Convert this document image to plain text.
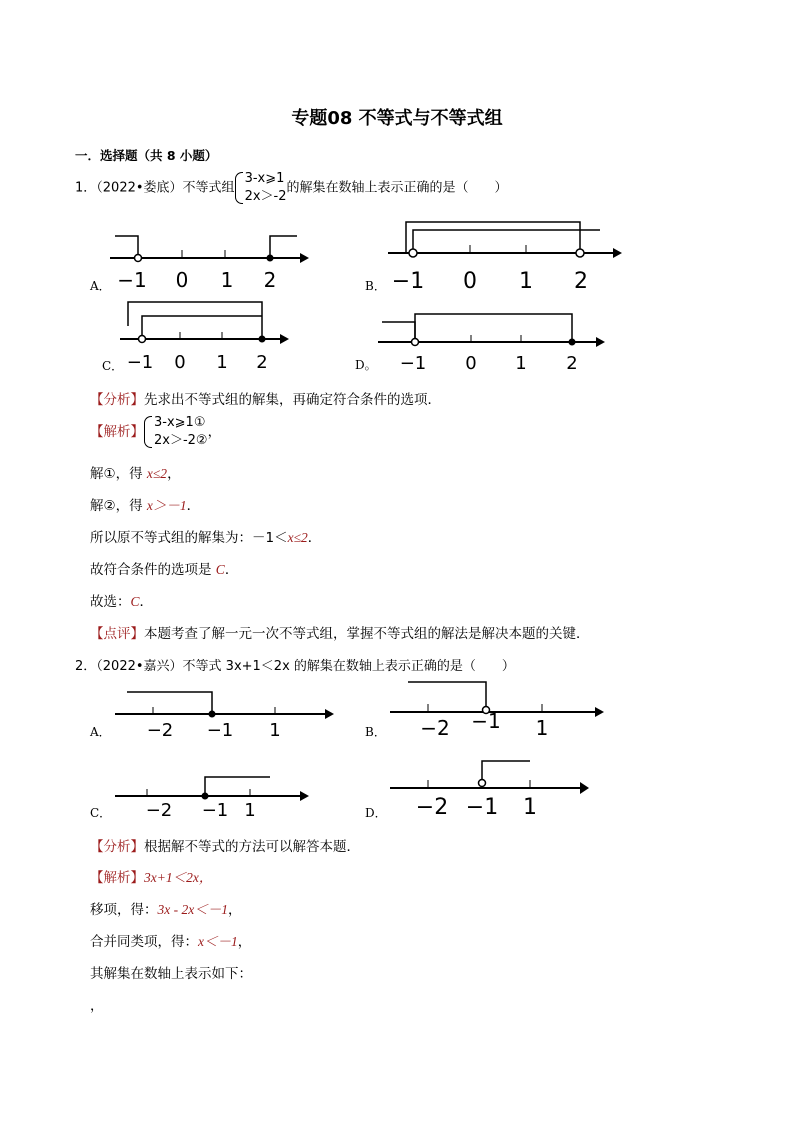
专题08 不等式与不等式组
一．选择题（共 8 小题）
1．（2022•娄底）不等式组
3-x⩾1
2x＞-2
的解集在数轴上表示正确的是（　　）
A．	B．
C．	D。
−1 0 1 2	−1 0 1 2
−1 0 1 2	−1 0 1 2
【分析】先求出不等式组的解集，再确定符合条件的选项．
【解析】
3-x⩾1①
2x＞-2②
，
解①，得 x≤2，
解②，得 x＞－1．
所以原不等式组的解集为：－1＜x≤2．
故符合条件的选项是 C．
故选：C．
【点评】本题考查了解一元一次不等式组，掌握不等式组的解法是解决本题的关键．
2．（2022•嘉兴）不等式 3x+1＜2x 的解集在数轴上表示正确的是（　　）
A．	B．
C．	D．
−2 −1 1	−2 −1 1
−2 −1 1	−2 −1 1
【分析】根据解不等式的方法可以解答本题．
【解析】3x+1＜2x，
移项，得：3x - 2x＜－1，
合并同类项，得：x＜－1，
其解集在数轴上表示如下：
，
